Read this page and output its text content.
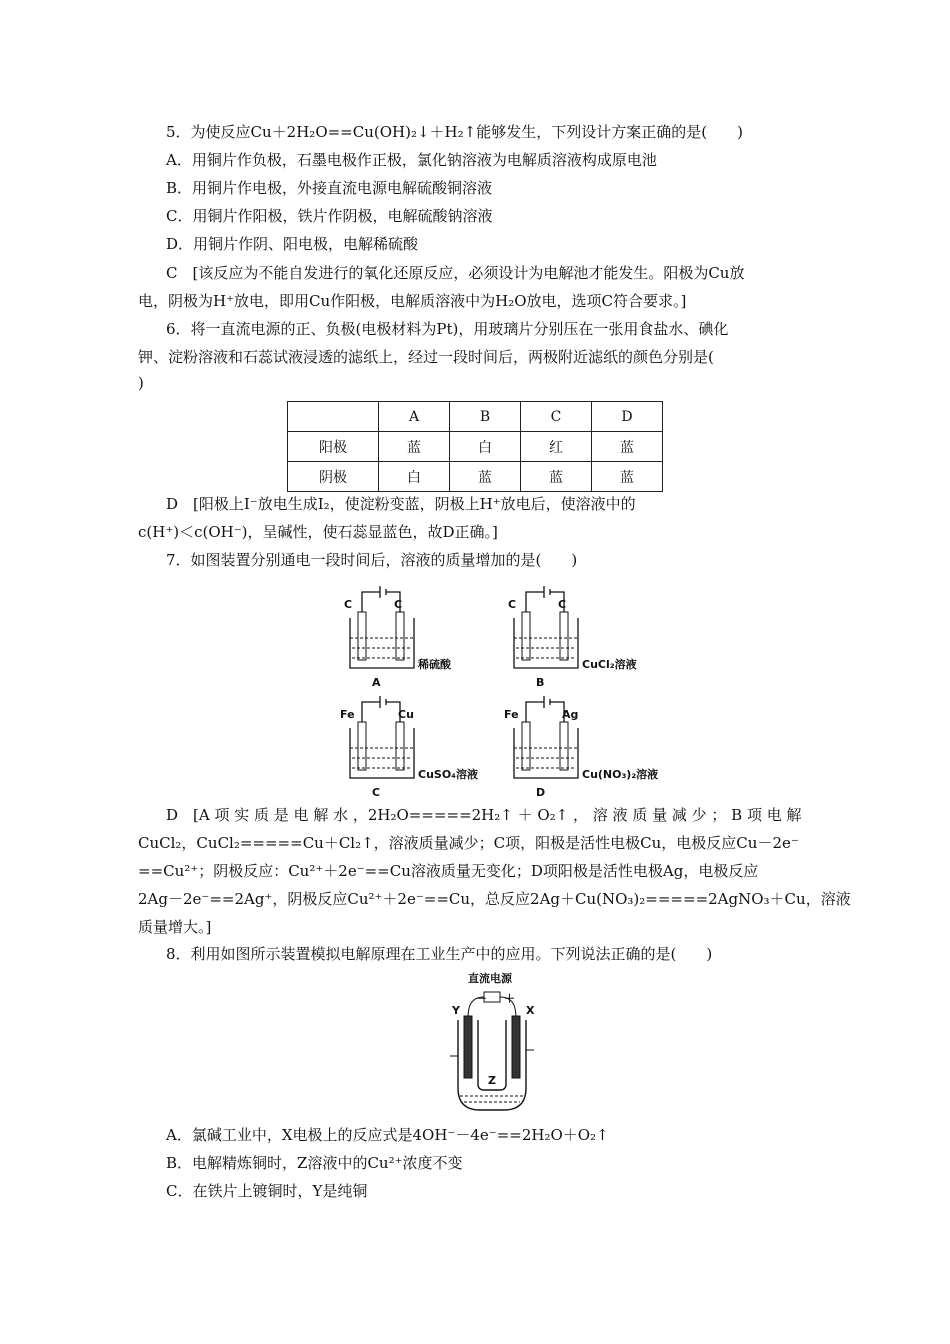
5．为使反应Cu＋2H₂O==Cu(OH)₂↓＋H₂↑能够发生，下列设计方案正确的是(　　)
A．用铜片作负极，石墨电极作正极，氯化钠溶液为电解质溶液构成原电池
B．用铜片作电极，外接直流电源电解硫酸铜溶液
C．用铜片作阳极，铁片作阴极，电解硫酸钠溶液
D．用铜片作阴、阳电极，电解稀硫酸
C　[该反应为不能自发进行的氧化还原反应，必须设计为电解池才能发生。阳极为Cu放
电，阴极为H⁺放电，即用Cu作阳极，电解质溶液中为H₂O放电，选项C符合要求。]
6．将一直流电源的正、负极(电极材料为Pt)，用玻璃片分别压在一张用食盐水、碘化
钾、淀粉溶液和石蕊试液浸透的滤纸上，经过一段时间后，两极附近滤纸的颜色分别是(
)
	A	B	C	D
阳极	蓝	白	红	蓝
阴极	白	蓝	蓝	蓝
D　[阳极上I⁻放电生成I₂，使淀粉变蓝，阴极上H⁺放电后，使溶液中的
c(H⁺)＜c(OH⁻)，呈碱性，使石蕊显蓝色，故D正确。]
7．如图装置分别通电一段时间后，溶液的质量增加的是(　　)
C	C
稀硫酸
A
C	C
CuCl₂溶液
B
Fe	Cu
CuSO₄溶液
C
Fe	Ag
Cu(NO₃)₂溶液
D
D　[A 项 实 质 是 电 解 水 ，2H₂O=====2H₂↑ ＋ O₂↑ ， 溶 液 质 量 减 少 ； B 项 电 解
CuCl₂，CuCl₂=====Cu＋Cl₂↑，溶液质量减少；C项，阳极是活性电极Cu，电极反应Cu－2e⁻
==Cu²⁺；阴极反应：Cu²⁺＋2e⁻==Cu溶液质量无变化；D项阳极是活性电极Ag，电极反应
2Ag－2e⁻==2Ag⁺，阴极反应Cu²⁺＋2e⁻==Cu，总反应2Ag＋Cu(NO₃)₂=====2AgNO₃＋Cu，溶液
质量增大。]
8．利用如图所示装置模拟电解原理在工业生产中的应用。下列说法正确的是(　　)
直流电源
－ ＋
Y	X
Z
A．氯碱工业中，X电极上的反应式是4OH⁻－4e⁻==2H₂O＋O₂↑
B．电解精炼铜时，Z溶液中的Cu²⁺浓度不变
C．在铁片上镀铜时，Y是纯铜
